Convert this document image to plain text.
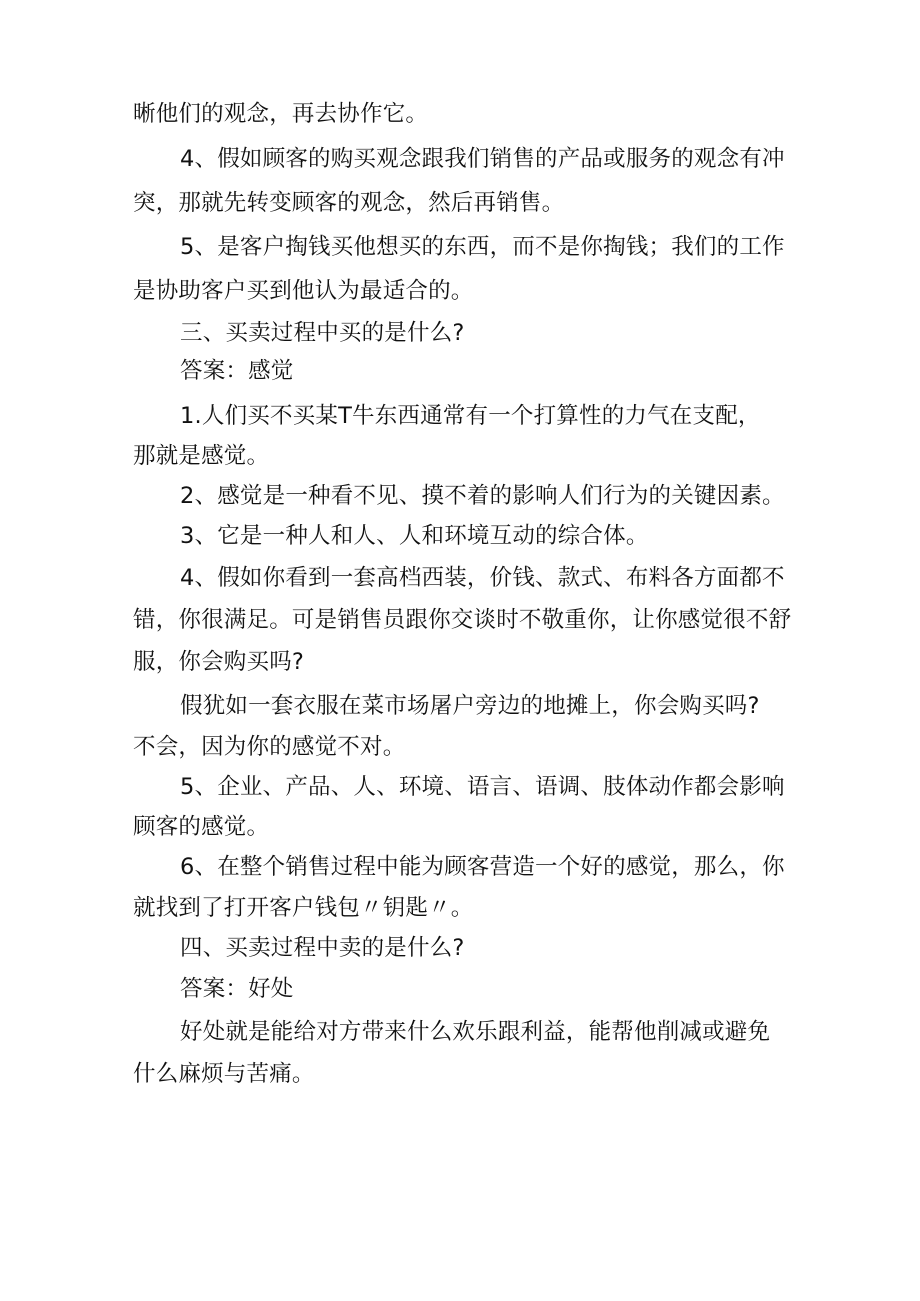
晰他们的观念，再去协作它。
4、假如顾客的购买观念跟我们销售的产品或服务的观念有冲
突，那就先转变顾客的观念，然后再销售。
5、是客户掏钱买他想买的东西，而不是你掏钱；我们的工作
是协助客户买到他认为最适合的。
三、买卖过程中买的是什么?
答案：感觉
1.人们买不买某T牛东西通常有一个打算性的力气在支配，
那就是感觉。
2、感觉是一种看不见、摸不着的影响人们行为的关键因素。
3、它是一种人和人、人和环境互动的综合体。
4、假如你看到一套高档西装，价钱、款式、布料各方面都不
错，你很满足。可是销售员跟你交谈时不敬重你，让你感觉很不舒
服，你会购买吗?
假犹如一套衣服在菜市场屠户旁边的地摊上，你会购买吗?
不会，因为你的感觉不对。
5、企业、产品、人、环境、语言、语调、肢体动作都会影响
顾客的感觉。
6、在整个销售过程中能为顾客营造一个好的感觉，那么，你
就找到了打开客户钱包〃钥匙〃。
四、买卖过程中卖的是什么?
答案：好处
好处就是能给对方带来什么欢乐跟利益，能帮他削减或避免
什么麻烦与苦痛。
